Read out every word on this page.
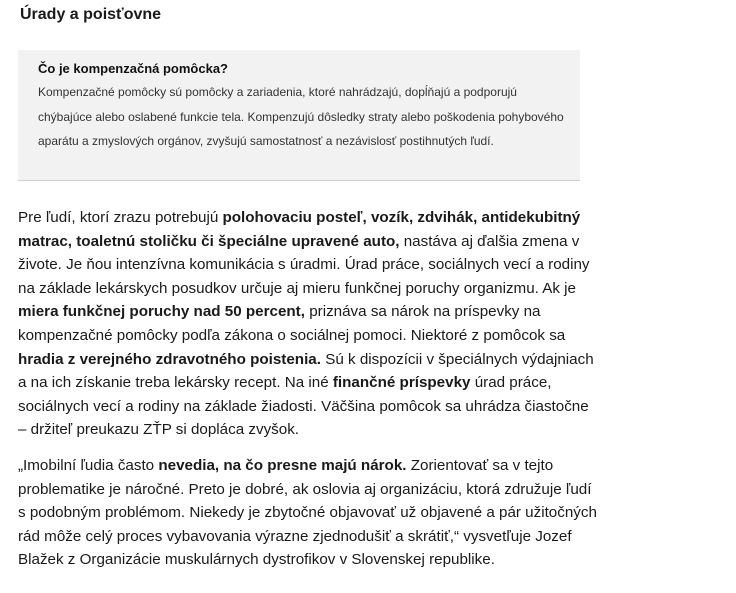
Úrady a poisťovne
Čo je kompenzačná pomôcka?

Kompenzačné pomôcky sú pomôcky a zariadenia, ktoré nahrádzajú, dopĺňajú a podporujú chýbajúce alebo oslabené funkcie tela. Kompenzujú dôsledky straty alebo poškodenia pohybového aparátu a zmyslových orgánov, zvyšujú samostatnosť a nezávislosť postihnutých ľudí.

Pre ľudí, ktorí zrazu potrebujú polohovaciu posteľ, vozík, zdvihák, antidekubitný matrac, toaletnú stoličku či špeciálne upravené auto, nastáva aj ďalšia zmena v živote. Je ňou intenzívna komunikácia s úradmi. Úrad práce, sociálnych vecí a rodiny na základe lekárskych posudkov určuje aj mieru funkčnej poruchy organizmu. Ak je miera funkčnej poruchy nad 50 percent, priznáva sa nárok na príspevky na kompenzačné pomôcky podľa zákona o sociálnej pomoci. Niektoré z pomôcok sa hradia z verejného zdravotného poistenia. Sú k dispozícii v špeciálnych výdajniach a na ich získanie treba lekársky recept. Na iné finančné príspevky úrad práce, sociálnych vecí a rodiny na základe žiadosti. Väčšina pomôcok sa uhrádza čiastočne – držiteľ preukazu ZŤP si dopláca zvyšok.

„Imobilní ľudia často nevedia, na čo presne majú nárok. Zorientovať sa v tejto problematike je náročné. Preto je dobré, ak oslovia aj organizáciu, ktorá združuje ľudí s podobným problémom. Niekedy je zbytočné objavovať už objavené a pár užitočných rád môže celý proces vybavovania výrazne zjednodušiť a skrátiť,“ vysvetľuje Jozef Blažek z Organizácie muskulárnych dystrofikov v Slovenskej republike.
